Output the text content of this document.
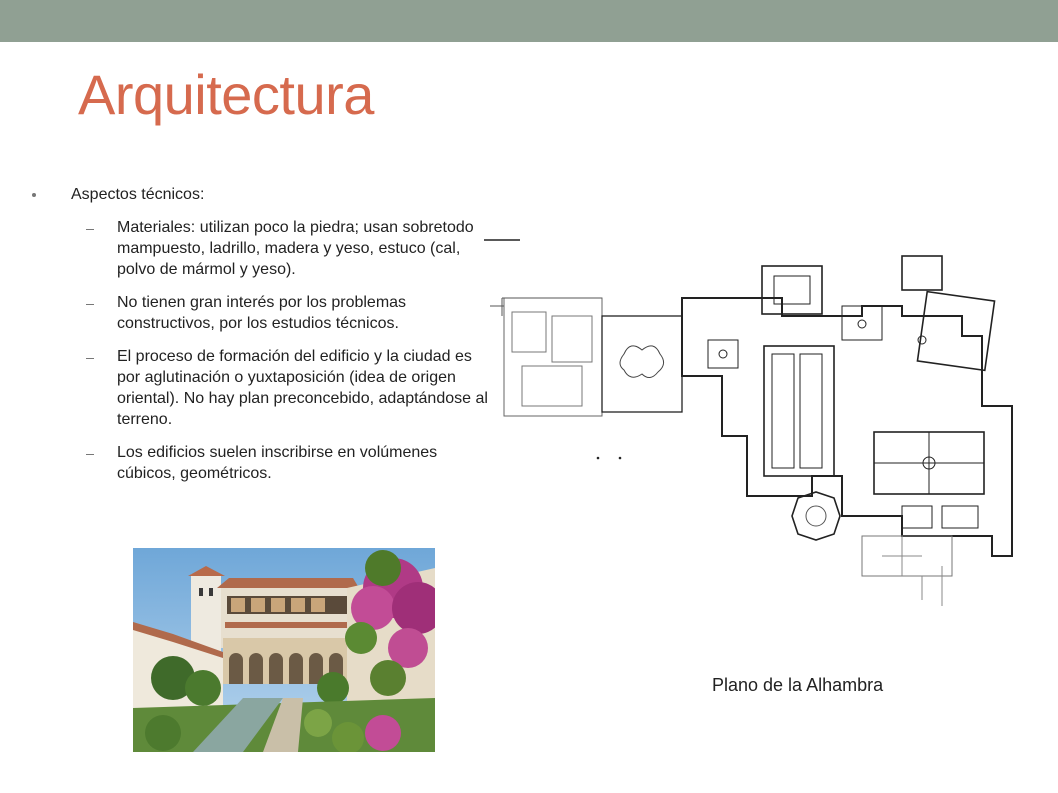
Arquitectura
Aspectos técnicos:
Materiales: utilizan poco la piedra; usan sobretodo mampuesto, ladrillo, madera y yeso, estuco (cal, polvo de mármol y yeso).
No tienen gran interés por los problemas constructivos, por los estudios técnicos.
El proceso de formación del edificio y la ciudad es por aglutinación o yuxtaposición (idea de origen oriental). No hay plan preconcebido, adaptándose al terreno.
Los edificios suelen inscribirse en volúmenes cúbicos, geométricos.
Plano de la Alhambra
